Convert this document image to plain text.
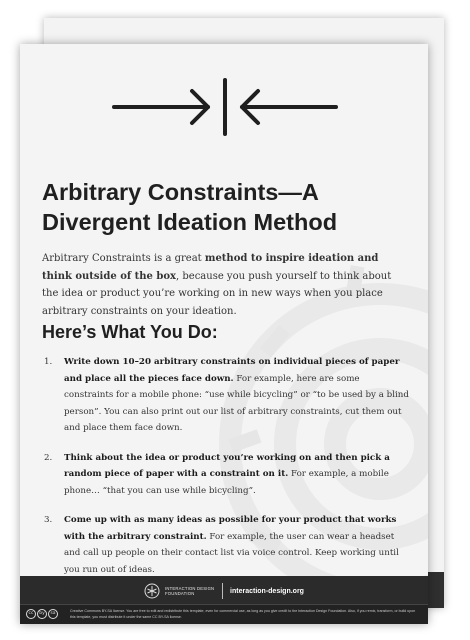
Arbitrary Constraints—A
Divergent Ideation Method

Arbitrary Constraints is a great method to inspire ideation and think outside of the box, because you push yourself to think about the idea or product you’re working on in new ways when you place arbitrary constraints on your ideation.

Here’s What You Do:
1. Write down 10–20 arbitrary constraints on individual pieces of paper and place all the pieces face down. For example, here are some constraints for a mobile phone: “use while bicycling” or “to be used by a blind person”. You can also print out our list of arbitrary constraints, cut them out and place them face down.
2. Think about the idea or product you’re working on and then pick a random piece of paper with a constraint on it. For example, a mobile phone… “that you can use while bicycling”.
3. Come up with as many ideas as possible for your product that works with the arbitrary constraint. For example, the user can wear a headset and call up people on their contact list via voice control. Keep working until you run out of ideas.
INTERACTION DESIGN FOUNDATION	interaction-design.org
cc	by	sa	Creative Commons BY-SA license. You are free to edit and redistribute this template, even for commercial use, as long as you give credit to the Interaction Design Foundation. Also, if you remix, transform, or build upon this template, you must distribute it under the same CC BY-SA license.
